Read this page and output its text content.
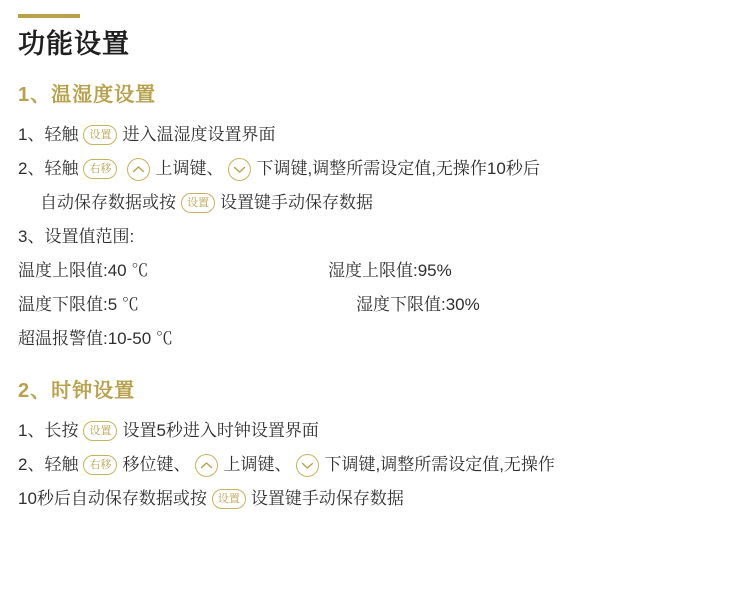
功能设置
1、温湿度设置
1、轻触	设置 进入温湿度设置界面
2、轻触	右移	上调键、 下调键,调整所需设定值,无操作10秒后
自动保存数据或按	设置 设置键手动保存数据
3、设置值范围:
温度上限值:40 ℃	湿度上限值:95%
温度下限值:5 ℃	湿度下限值:30%
超温报警值:10-50 ℃
2、时钟设置
1、长按	设置 设置5秒进入时钟设置界面
2、轻触	右移 移位键、 上调键、 下调键,调整所需设定值,无操作
10秒后自动保存数据或按	设置 设置键手动保存数据
